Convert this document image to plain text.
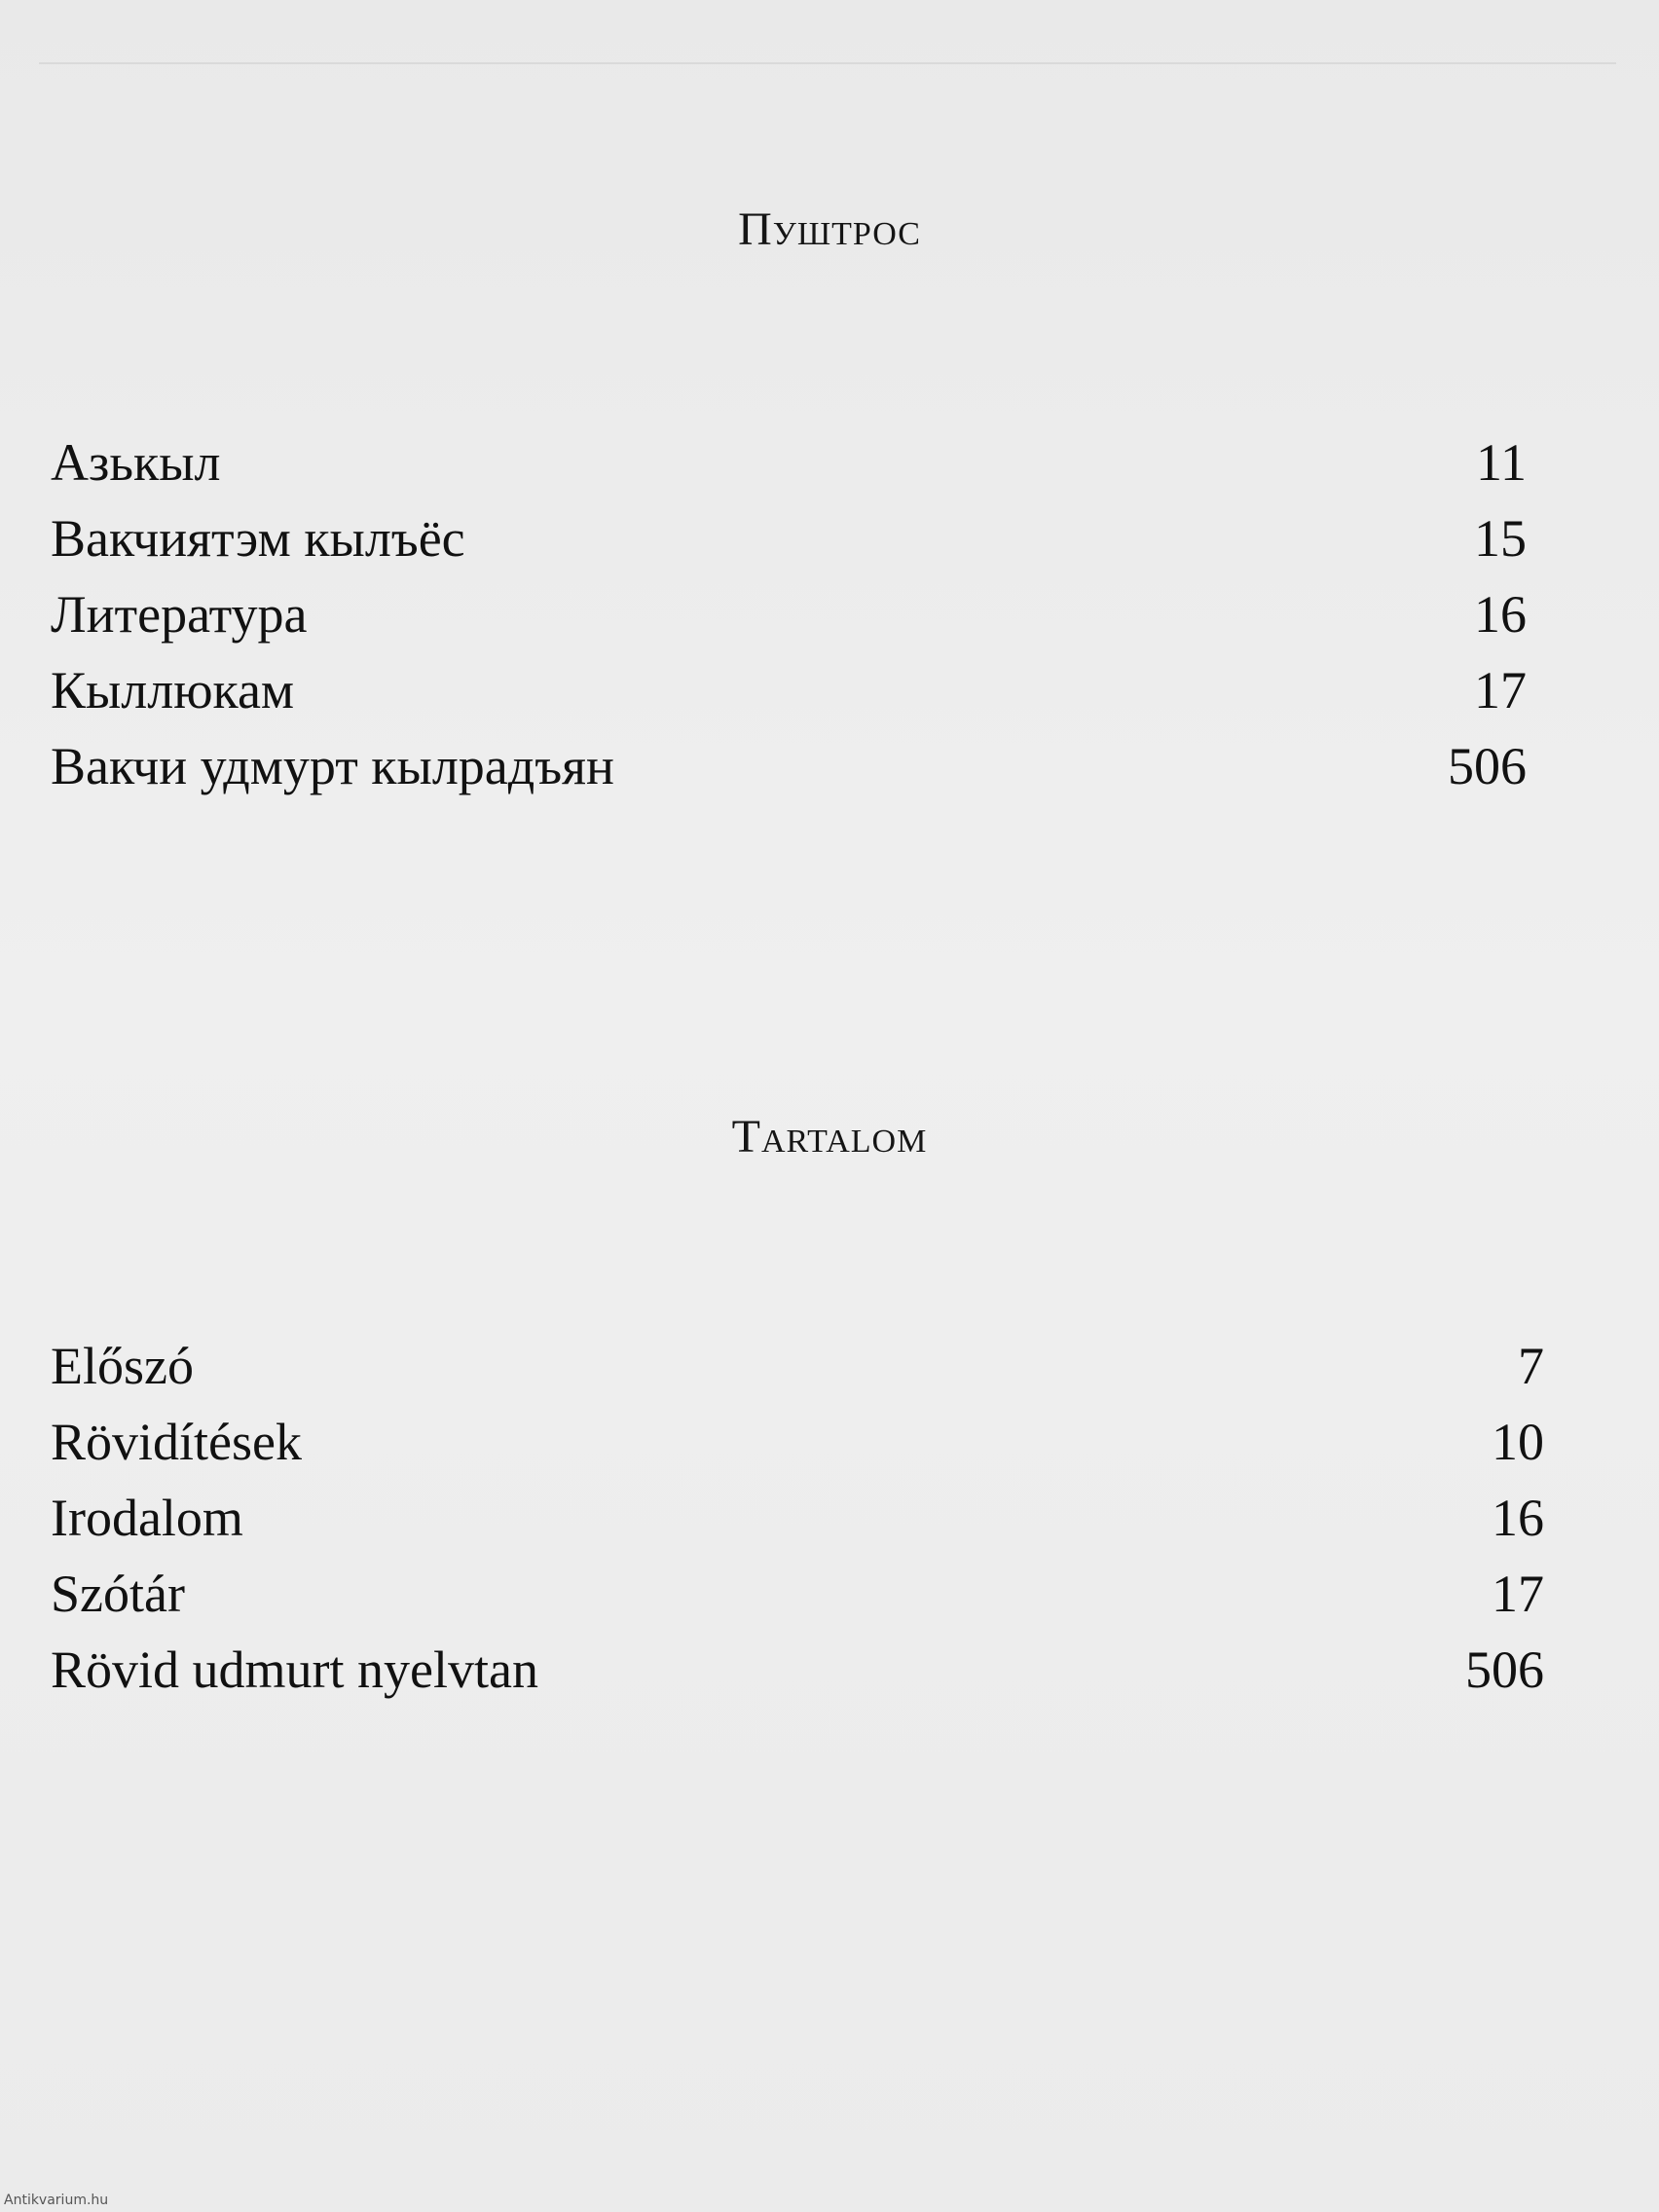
Пуштрос
Азькыл	11
Вакчиятэм кылъёс	15
Литература	16
Кыллюкам	17
Вакчи удмурт кылрадъян	506
Tartalom
Előszó	7
Rövidítések	10
Irodalom	16
Szótár	17
Rövid udmurt nyelvtan	506
Antikvarium.hu
